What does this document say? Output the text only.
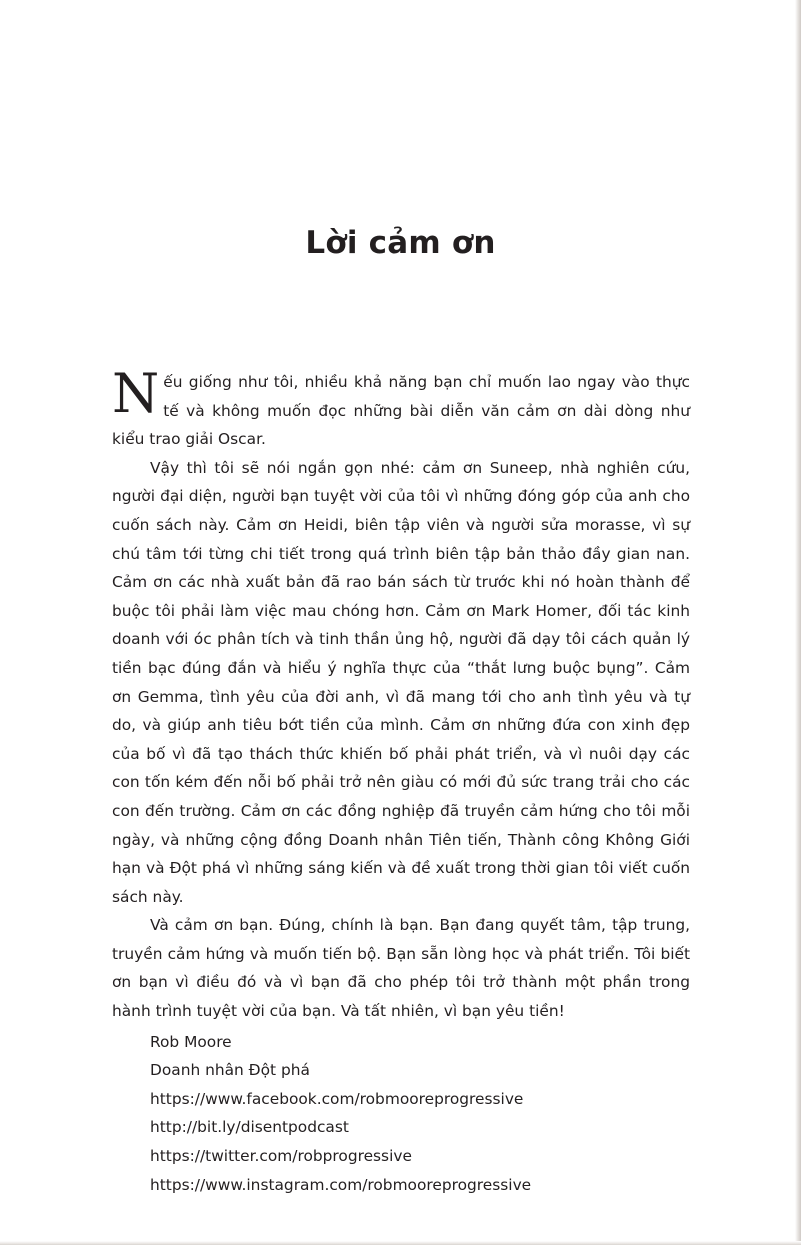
Lời cảm ơn

Nếu giống như tôi, nhiều khả năng bạn chỉ muốn lao ngay vào thực tế và không muốn đọc những bài diễn văn cảm ơn dài dòng như kiểu trao giải Oscar.

Vậy thì tôi sẽ nói ngắn gọn nhé: cảm ơn Suneep, nhà nghiên cứu, người đại diện, người bạn tuyệt vời của tôi vì những đóng góp của anh cho cuốn sách này. Cảm ơn Heidi, biên tập viên và người sửa morasse, vì sự chú tâm tới từng chi tiết trong quá trình biên tập bản thảo đầy gian nan. Cảm ơn các nhà xuất bản đã rao bán sách từ trước khi nó hoàn thành để buộc tôi phải làm việc mau chóng hơn. Cảm ơn Mark Homer, đối tác kinh doanh với óc phân tích và tinh thần ủng hộ, người đã dạy tôi cách quản lý tiền bạc đúng đắn và hiểu ý nghĩa thực của “thắt lưng buộc bụng”. Cảm ơn Gemma, tình yêu của đời anh, vì đã mang tới cho anh tình yêu và tự do, và giúp anh tiêu bớt tiền của mình. Cảm ơn những đứa con xinh đẹp của bố vì đã tạo thách thức khiến bố phải phát triển, và vì nuôi dạy các con tốn kém đến nỗi bố phải trở nên giàu có mới đủ sức trang trải cho các con đến trường. Cảm ơn các đồng nghiệp đã truyền cảm hứng cho tôi mỗi ngày, và những cộng đồng Doanh nhân Tiên tiến, Thành công Không Giới hạn và Đột phá vì những sáng kiến và đề xuất trong thời gian tôi viết cuốn sách này.

Và cảm ơn bạn. Đúng, chính là bạn. Bạn đang quyết tâm, tập trung, truyền cảm hứng và muốn tiến bộ. Bạn sẵn lòng học và phát triển. Tôi biết ơn bạn vì điều đó và vì bạn đã cho phép tôi trở thành một phần trong hành trình tuyệt vời của bạn. Và tất nhiên, vì bạn yêu tiền!

Rob Moore

Doanh nhân Đột phá

https://www.facebook.com/robmooreprogressive

http://bit.ly/disentpodcast

https://twitter.com/robprogressive

https://www.instagram.com/robmooreprogressive
